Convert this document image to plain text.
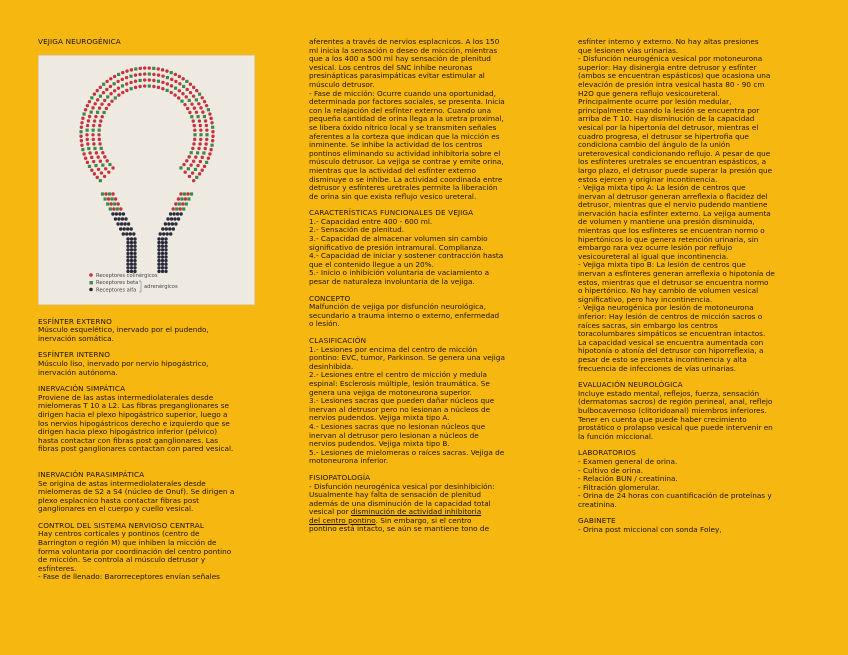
VEJIGA NEUROGÉNICA
Receptores colinérgicos
Receptores beta
Receptores alfa
adrenérgicos
ESFÍNTER EXTERNO

Músculo esquelético, inervado por el pudendo,

inervación somática.

ESFÍNTER INTERNO

Músculo liso, inervado por nervio hipogástrico,

inervación autónoma.

INERVACIÓN SIMPÁTICA

Proviene de las astas intermediolaterales desde

mielomeras T 10 a L2. Las fibras preganglionares se

dirigen hacia el plexo hipogástrico superior, luego a

los nervios hipogástricos derecho e izquierdo que se

dirigen hacia plexo hipogástrico inferior (pélvico)

hasta contactar con fibras post ganglionares. Las

fibras post ganglionares contactan con pared vesical.

INERVACIÓN PARASIMPÁTICA

Se origina de astas intermediolaterales desde

mielomeras de S2 a S4 (núcleo de Onuf). Se dirigen a

plexo esplacnico hasta contactar fibras post

ganglionares en el cuerpo y cuello vesical.

CONTROL DEL SISTEMA NERVIOSO CENTRAL

Hay centros corticales y pontinos (centro de

Barrington o región M) que inhiben la micción de

forma voluntaria por coordinación del centro pontino

de micción. Se controla al músculo detrusor y

esfínteres.

- Fase de llenado: Barorreceptores envían señales

aferentes a través de nervios esplacnicos. A los 150

ml inicia la sensación o deseo de micción, mientras

que a los 400 a 500 ml hay sensación de plenitud

vesical. Los centros del SNC inhibe neuronas

presinápticas parasimpáticas evitar estimular al

músculo detrusor.

- Fase de micción: Ocurre cuando una oportunidad,

determinada por factores sociales, se presenta. Inicia

con la relajación del esfínter externo. Cuando una

pequeña cantidad de orina llega a la uretra proximal,

se libera óxido nítrico local y se transmiten señales

aferentes a la corteza que indican que la micción es

inminente. Se inhibe la actividad de los centros

pontinos eliminando su actividad inhibitoria sobre el

músculo detrusor. La vejiga se contrae y emite orina,

mientras que la actividad del esfínter externo

disminuye o se inhibe. La actividad coordinada entre

detrusor y esfínteres uretrales permite la liberación

de orina sin que exista reflujo vesico ureteral.

CARACTERÍSTICAS FUNCIONALES DE VEJIGA

1.- Capacidad entre 400 - 600 ml.

2.- Sensación de plenitud.

3.- Capacidad de almacenar volumen sin cambio

significativo de presión intramural. Complianza.

4.- Capacidad de iniciar y sostener contracción hasta

que el contenido llegue a un 20%.

5.- Inicio o inhibición voluntaria de vaciamiento a

pesar de naturaleza involuntaria de la vejiga.

CONCEPTO

Malfunción de vejiga por disfunción neurológica,

secundario a trauma interno o externo, enfermedad

o lesión.

CLASIFICACIÓN

1.- Lesiones por encima del centro de micción

pontino: EVC, tumor, Parkinson. Se genera una vejiga

desinhibida.

2.- Lesiones entre el centro de micción y medula

espinal: Esclerosis múltiple, lesión traumática. Se

genera una vejiga de motoneurona superior.

3.- Lesiones sacras que pueden dañar núcleos que

inervan al detrusor pero no lesionan a núcleos de

nervios pudendos. Vejiga mixta tipo A.

4.- Lesiones sacras que no lesionan núcleos que

inervan al detrusor pero lesionan a núcleos de

nervios pudendos. Vejiga mixta tipo B.

5.- Lesiones de mielomeras o raíces sacras. Vejiga de

motoneurona inferior.

FISIOPATOLOGÍA

- Disfunción neurogénica vesical por desinhibición:

Usualmente hay falta de sensación de plenitud

además de una disminución de la capacidad total

vesical por disminución de actividad inhibitoria

del centro pontino. Sin embargo, si el centro

pontino está intacto, se aún se mantiene tono de

esfínter interno y externo. No hay altas presiones

que lesionen vías urinarias.

- Disfunción neurogénica vesical por motoneurona

superior: Hay disinergia entre detrusor y esfínter

(ambos se encuentran espásticos) que ocasiona una

elevación de presión intra vesical hasta 80 - 90 cm

H2O que genera reflujo vesicoureteral.

Principalmente ocurre por lesión medular,

principalmente cuando la lesión se encuentra por

arriba de T 10. Hay disminución de la capacidad

vesical por la hipertonía del detrusor, mientras el

cuadro progresa, el detrusor se hipertrofia que

condiciona cambio del ángulo de la unión

ureterovesical condicionando reflujo. A pesar de que

los esfínteres uretrales se encuentran espásticos, a

largo plazo, el detrusor puede superar la presión que

estos ejercen y originar incontinencia.

- Vejiga mixta tipo A: La lesión de centros que

inervan al detrusor generan arreflexia o flacidez del

detrusor, mientras que el nervio pudendo mantiene

inervación hacia esfínter externo. La vejiga aumenta

de volumen y mantiene una presión disminuida,

mientras que los esfínteres se encuentran normo o

hipertónicos lo que genera retención urinaria, sin

embargo rara vez ocurre lesión por reflujo

vesicoureteral al igual que incontinencia.

- Vejiga mixta tipo B: La lesión de centros que

inervan a esfínteres generan arreflexia o hipotonía de

estos, mientras que el detrusor se encuentra normo

o hipertónico. No hay cambio de volumen vesical

significativo, pero hay incontinencia.

- Vejiga neurogénica por lesión de motoneurona

inferior: Hay lesión de centros de micción sacros o

raíces sacras, sin embargo los centros

toracolumbares simpáticos se encuentran intactos.

La capacidad vesical se encuentra aumentada con

hipotonía o atonía del detrusor con hiporreflexia, a

pesar de esto se presenta incontinencia y alta

frecuencia de infecciones de vías urinarias.

EVALUACIÓN NEUROLÓGICA

Incluye estado mental, reflejos, fuerza, sensación

(dermatomas sacros) de región perineal, anal, reflejo

bulbocavernoso (clitoridoanal) miembros inferiores.

Tener en cuenta que puede haber crecimiento

prostático o prolapso vesical que puede intervenir en

la función miccional.

LABORATORIOS

- Examen general de orina.

- Cultivo de orina.

- Relación BUN / creatinina.

- Filtración glomerular.

- Orina de 24 horas con cuantificación de proteínas y

creatinina.

GABINETE

- Orina post miccional con sonda Foley,
